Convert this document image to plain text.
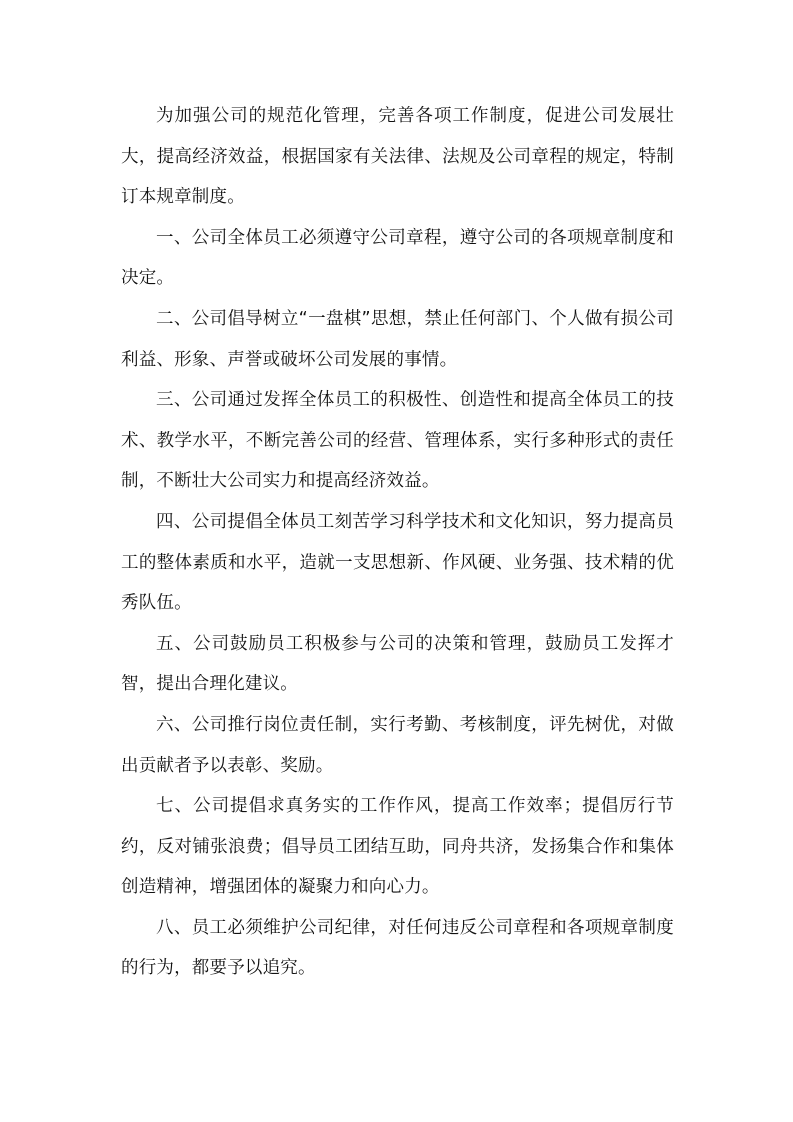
为加强公司的规范化管理，完善各项工作制度，促进公司发展壮大，提高经济效益，根据国家有关法律、法规及公司章程的规定，特制订本规章制度。

一、公司全体员工必须遵守公司章程，遵守公司的各项规章制度和决定。

二、公司倡导树立“一盘棋”思想，禁止任何部门、个人做有损公司利益、形象、声誉或破坏公司发展的事情。

三、公司通过发挥全体员工的积极性、创造性和提高全体员工的技术、教学水平，不断完善公司的经营、管理体系，实行多种形式的责任制，不断壮大公司实力和提高经济效益。

四、公司提倡全体员工刻苦学习科学技术和文化知识，努力提高员工的整体素质和水平，造就一支思想新、作风硬、业务强、技术精的优秀队伍。

五、公司鼓励员工积极参与公司的决策和管理，鼓励员工发挥才智，提出合理化建议。

六、公司推行岗位责任制，实行考勤、考核制度，评先树优，对做出贡献者予以表彰、奖励。

七、公司提倡求真务实的工作作风，提高工作效率；提倡厉行节约，反对铺张浪费；倡导员工团结互助，同舟共济，发扬集合作和集体创造精神，增强团体的凝聚力和向心力。

八、员工必须维护公司纪律，对任何违反公司章程和各项规章制度的行为，都要予以追究。
